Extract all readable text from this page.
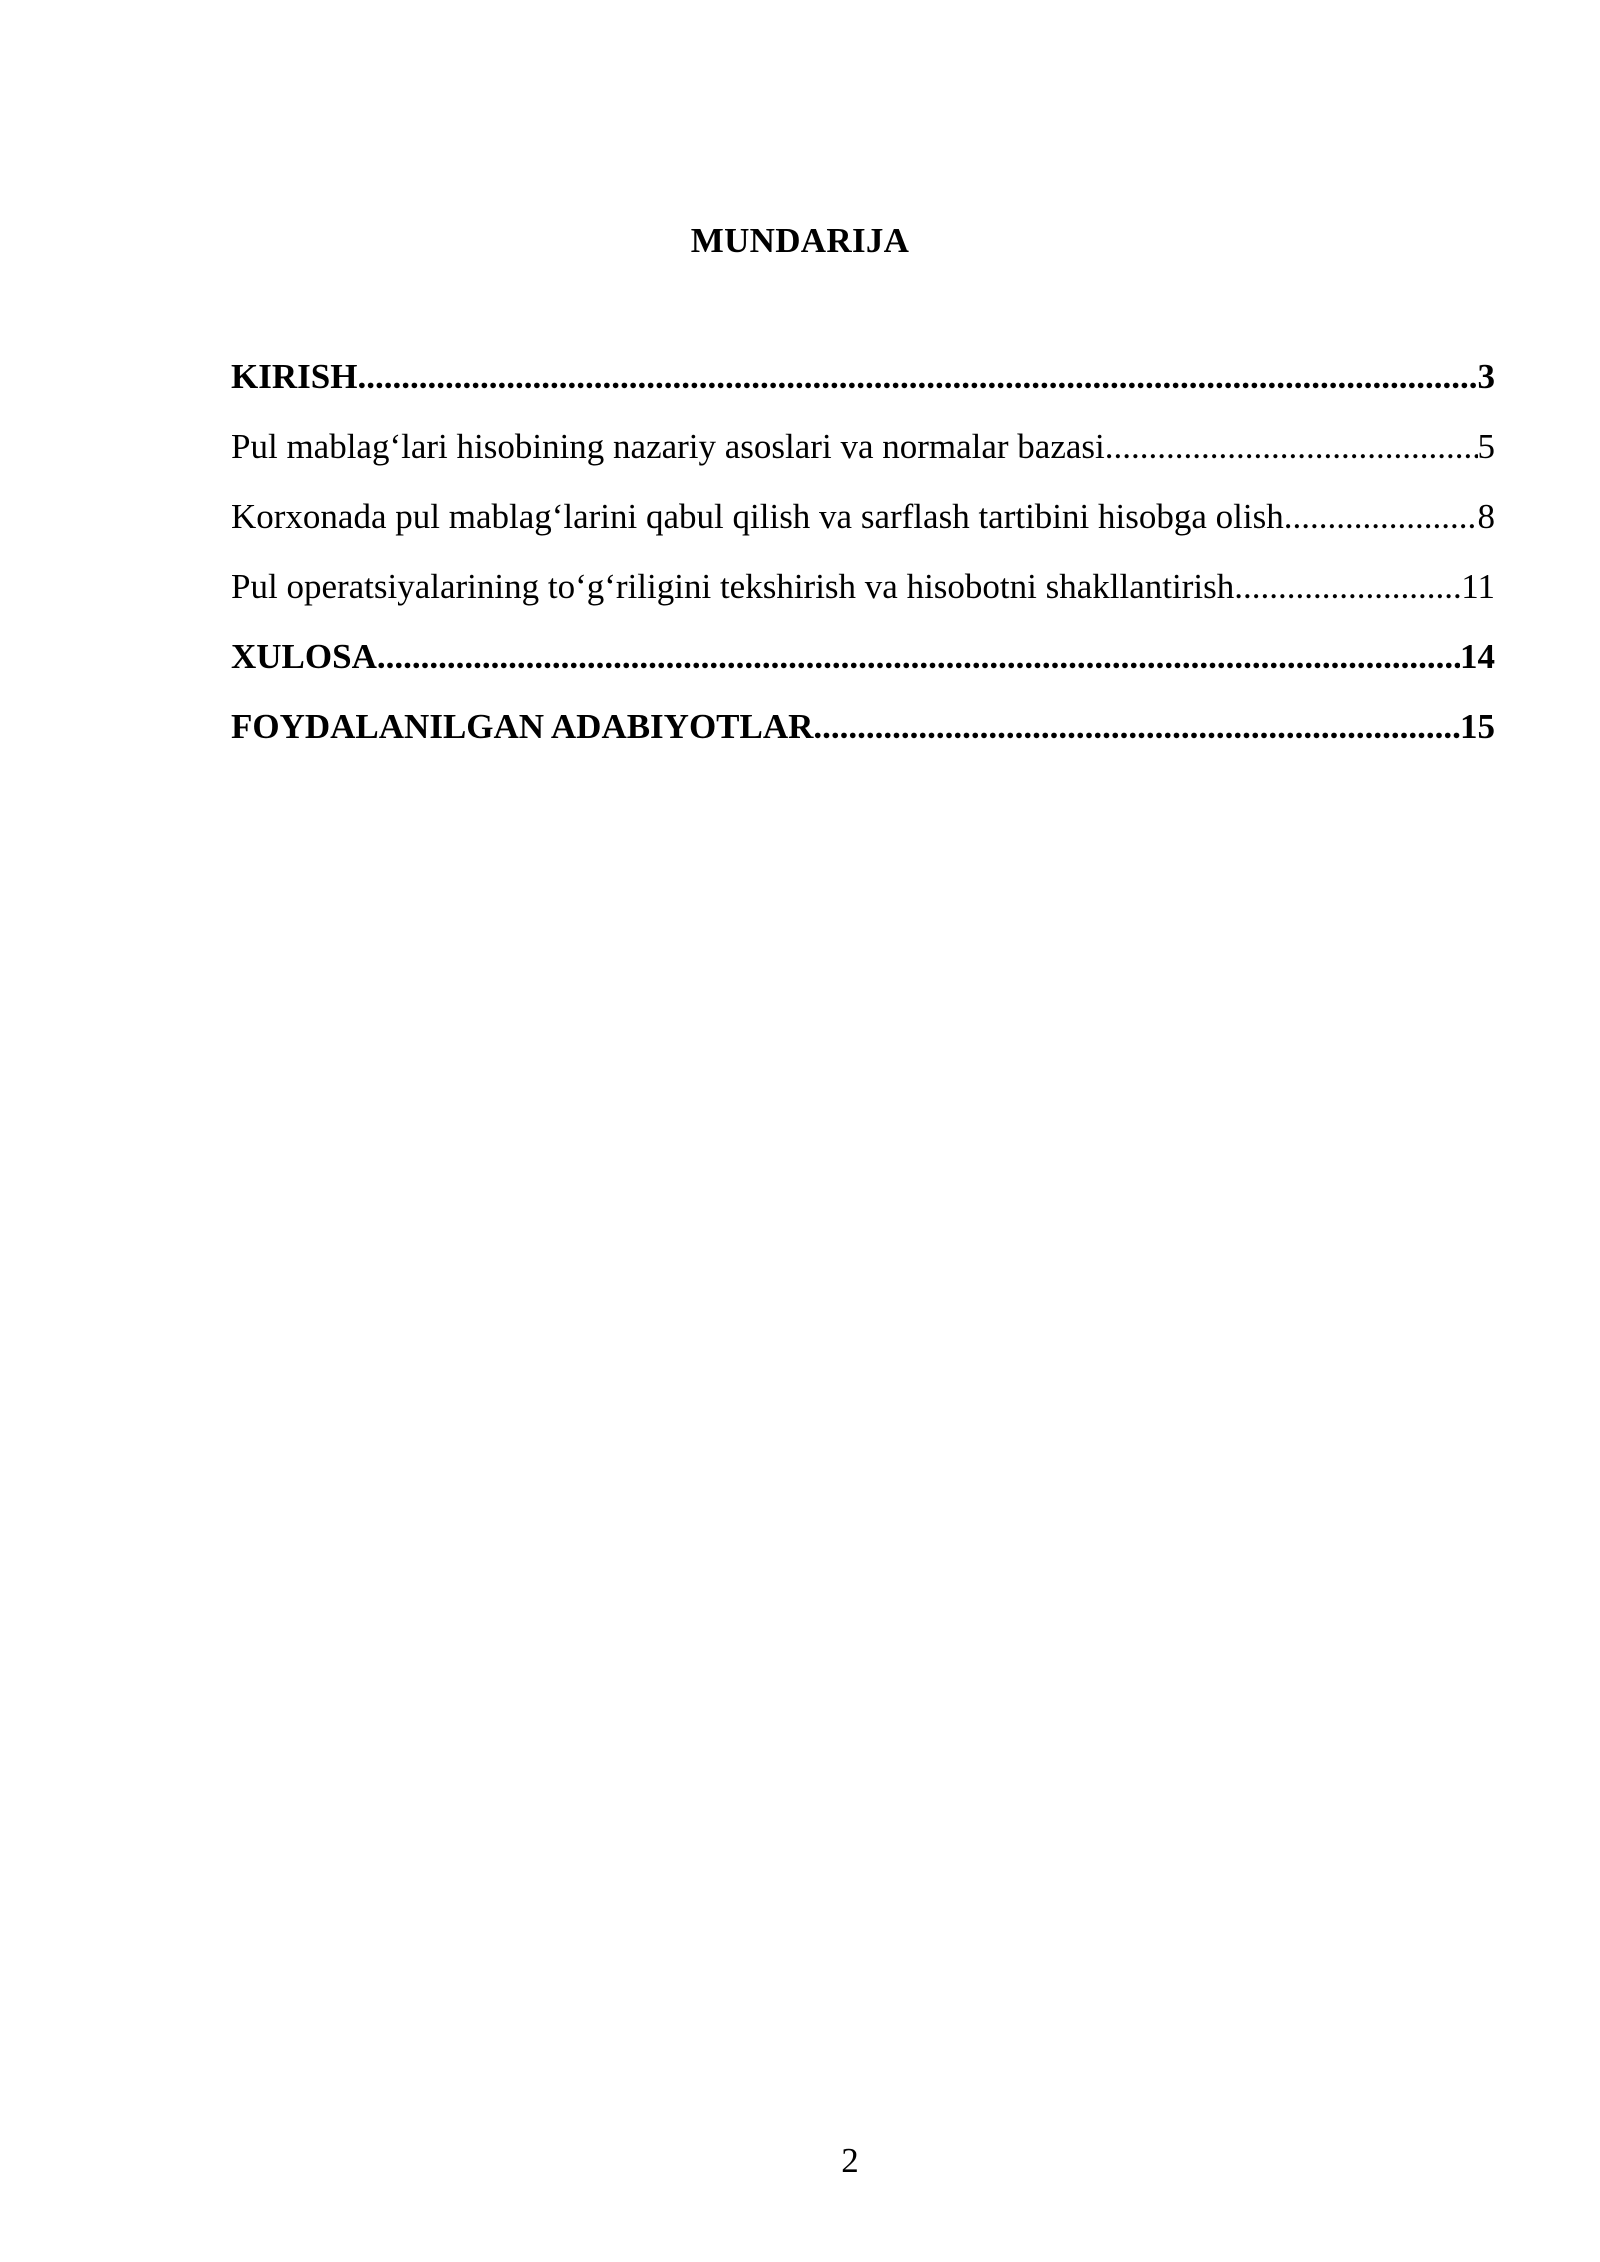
MUNDARIJA
KIRISH .....	3
Pul mablag‘lari hisobining nazariy asoslari va normalar bazasi .....	5
Korxonada pul mablag‘larini qabul qilish va sarflash tartibini hisobga olish .....	8
Pul operatsiyalarining to‘g‘riligini tekshirish va hisobotni shakllantirish .....	11
XULOSA .....	14
FOYDALANILGAN ADABIYOTLAR .....	15
2
